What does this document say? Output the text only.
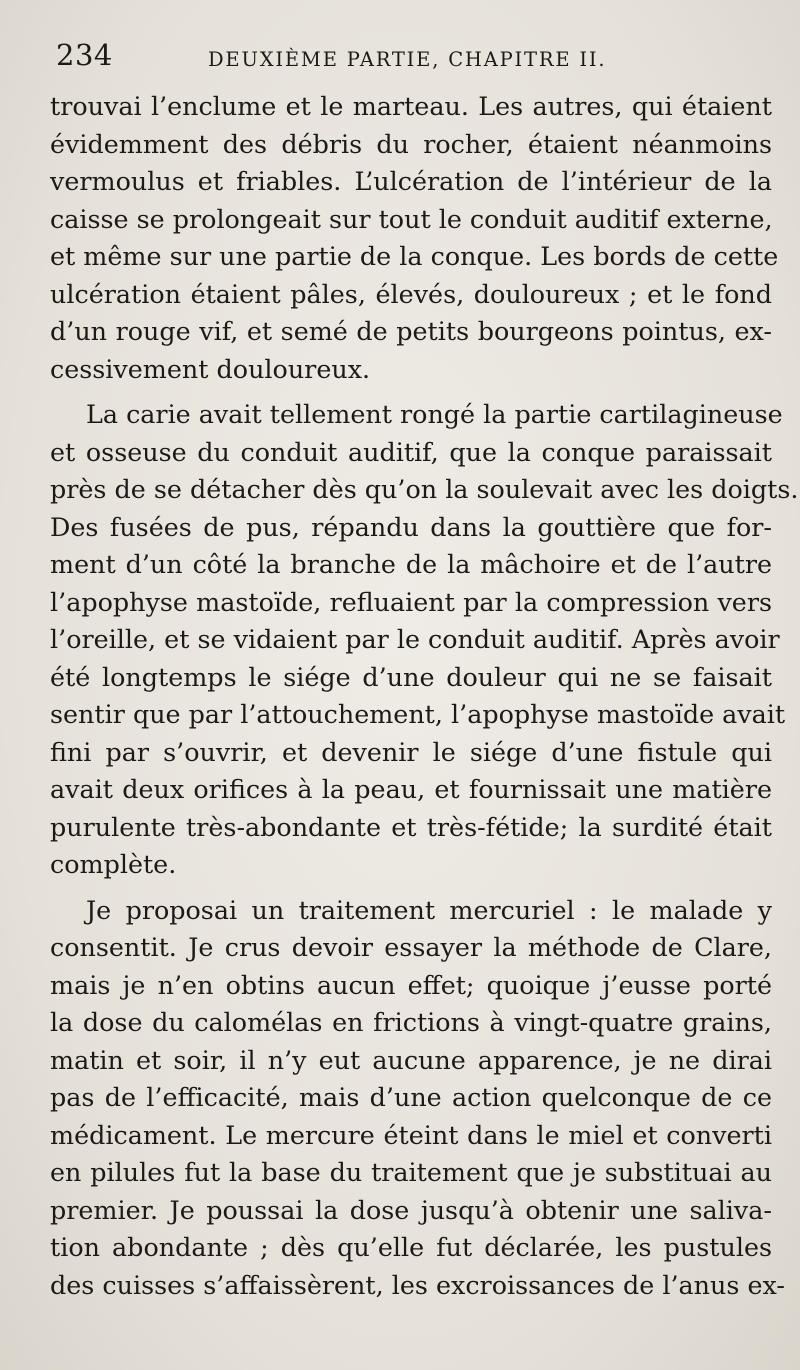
234	DEUXIÈME PARTIE, CHAPITRE II.
trouvai l’enclume et le marteau. Les autres, qui étaient
évidemment des débris du rocher, étaient néanmoins
vermoulus et friables. L’ulcération de l’intérieur de la
caisse se prolongeait sur tout le conduit auditif externe,
et même sur une partie de la conque. Les bords de cette
ulcération étaient pâles, élevés, douloureux ; et le fond
d’un rouge vif, et semé de petits bourgeons pointus, ex-
cessivement douloureux.
La carie avait tellement rongé la partie cartilagineuse
et osseuse du conduit auditif, que la conque paraissait
près de se détacher dès qu’on la soulevait avec les doigts.
Des fusées de pus, répandu dans la gouttière que for-
ment d’un côté la branche de la mâchoire et de l’autre
l’apophyse mastoïde, refluaient par la compression vers
l’oreille, et se vidaient par le conduit auditif. Après avoir
été longtemps le siége d’une douleur qui ne se faisait
sentir que par l’attouchement, l’apophyse mastoïde avait
fini par s’ouvrir, et devenir le siége d’une fistule qui
avait deux orifices à la peau, et fournissait une matière
purulente très-abondante et très-fétide; la surdité était
complète.
Je proposai un traitement mercuriel : le malade y
consentit. Je crus devoir essayer la méthode de Clare,
mais je n’en obtins aucun effet; quoique j’eusse porté
la dose du calomélas en frictions à vingt-quatre grains,
matin et soir, il n’y eut aucune apparence, je ne dirai
pas de l’efficacité, mais d’une action quelconque de ce
médicament. Le mercure éteint dans le miel et converti
en pilules fut la base du traitement que je substituai au
premier. Je poussai la dose jusqu’à obtenir une saliva-
tion abondante ; dès qu’elle fut déclarée, les pustules
des cuisses s’affaissèrent, les excroissances de l’anus ex-
